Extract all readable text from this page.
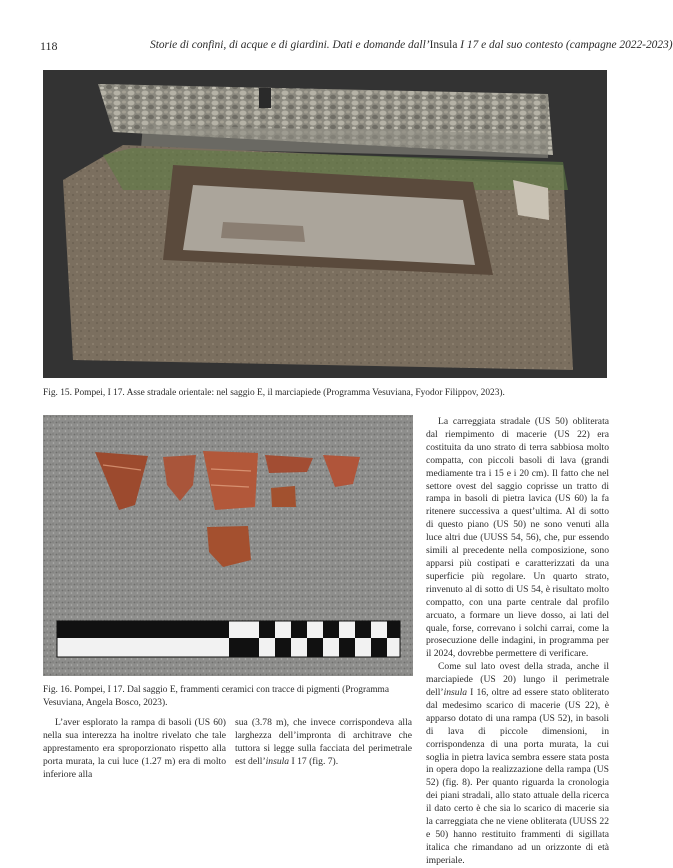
118	Storie di confini, di acque e di giardini. Dati e domande dall’Insula I 17 e dal suo contesto (campagne 2022-2023)
Fig. 15. Pompei, I 17. Asse stradale orientale: nel saggio E, il marciapiede (Programma Vesuviana, Fyodor Filippov, 2023).
Fig. 16. Pompei, I 17. Dal saggio E, frammenti ceramici con tracce di pigmenti (Programma Vesuviana, Angela Bosco, 2023).

La carreggiata stradale (US 50) obliterata dal riempimento di macerie (US 22) era costituita da uno strato di terra sabbiosa molto compatta, con piccoli basoli di lava (grandi mediamente tra i 15 e i 20 cm). Il fatto che nel settore ovest del saggio coprisse un tratto di rampa in basoli di pietra lavica (US 60) la fa ritenere successiva a quest’ultima. Al di sotto di questo piano (US 50) ne sono venuti alla luce altri due (UUSS 54, 56), che, pur essendo simili al precedente nella composizione, sono apparsi più costipati e caratterizzati da una superficie più regolare. Un quarto strato, rinvenuto al di sotto di US 54, è risultato molto compatto, con una parte centrale dal profilo arcuato, a formare un lieve dosso, ai lati del quale, forse, correvano i solchi carrai, come la prosecuzione delle indagini, in programma per il 2024, dovrebbe permettere di verificare.

Come sul lato ovest della strada, anche il marciapiede (US 20) lungo il perimetrale dell’insula I 16, oltre ad essere stato obliterato dal medesimo scarico di macerie (US 22), è apparso dotato di una rampa (US 52), in basoli di lava di piccole dimensioni, in corrispondenza di una porta murata, la cui soglia in pietra lavica sembra essere stata posta in opera dopo la realizzazione della rampa (US 52) (fig. 8). Per quanto riguarda la cronologia dei piani stradali, allo stato attuale della ricerca il dato certo è che sia lo scarico di macerie sia la carreggiata che ne viene obliterata (UUSS 22 e 50) hanno restituito frammenti di sigillata italica che rimandano ad un orizzonte di età imperiale.

L’aver esplorato la rampa di basoli (US 60) nella sua interezza ha inoltre rivelato che tale apprestamento era sproporzionato rispetto alla porta murata, la cui luce (1.27 m) era di molto inferiore alla

sua (3.78 m), che invece corrispondeva alla larghezza dell’impronta di architrave che tuttora si legge sulla facciata del perimetrale est dell’insula I 17 (fig. 7).
